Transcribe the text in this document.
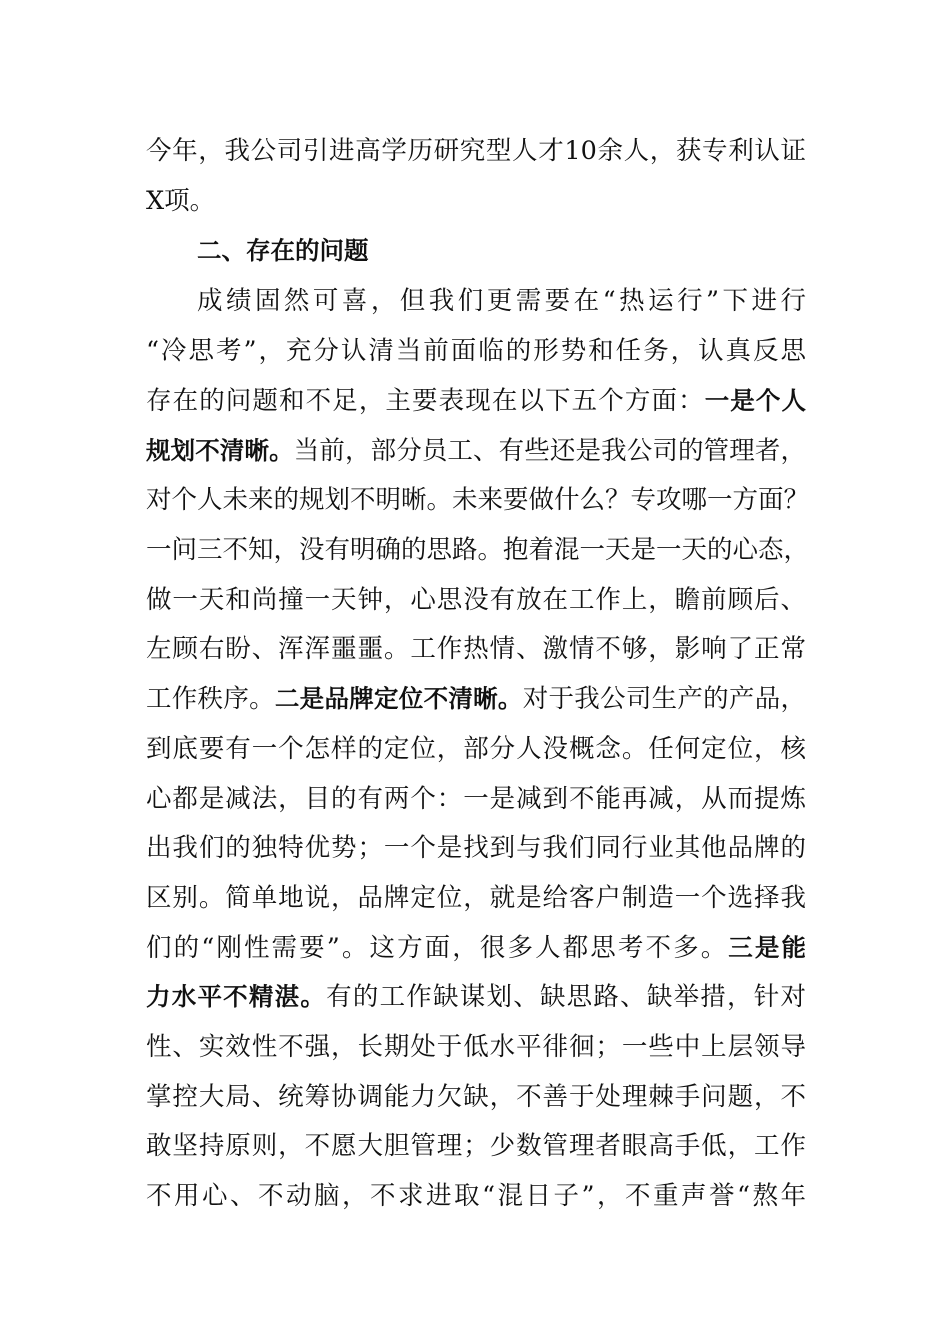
今年，我公司引进高学历研究型人才10余人，获专利认证
X项。
二、存在的问题
成绩固然可喜，但我们更需要在“热运行”下进行
“冷思考”，充分认清当前面临的形势和任务，认真反思
存在的问题和不足，主要表现在以下五个方面：一是个人
规划不清晰。当前，部分员工、有些还是我公司的管理者，
对个人未来的规划不明晰。未来要做什么？专攻哪一方面？
一问三不知，没有明确的思路。抱着混一天是一天的心态，
做一天和尚撞一天钟，心思没有放在工作上，瞻前顾后、
左顾右盼、浑浑噩噩。工作热情、激情不够，影响了正常
工作秩序。二是品牌定位不清晰。对于我公司生产的产品，
到底要有一个怎样的定位，部分人没概念。任何定位，核
心都是减法，目的有两个：一是减到不能再减，从而提炼
出我们的独特优势；一个是找到与我们同行业其他品牌的
区别。简单地说，品牌定位，就是给客户制造一个选择我
们的“刚性需要”。这方面，很多人都思考不多。三是能
力水平不精湛。有的工作缺谋划、缺思路、缺举措，针对
性、实效性不强，长期处于低水平徘徊；一些中上层领导
掌控大局、统筹协调能力欠缺，不善于处理棘手问题，不
敢坚持原则，不愿大胆管理；少数管理者眼高手低，工作
不用心、不动脑，不求进取“混日子”，不重声誉“熬年
